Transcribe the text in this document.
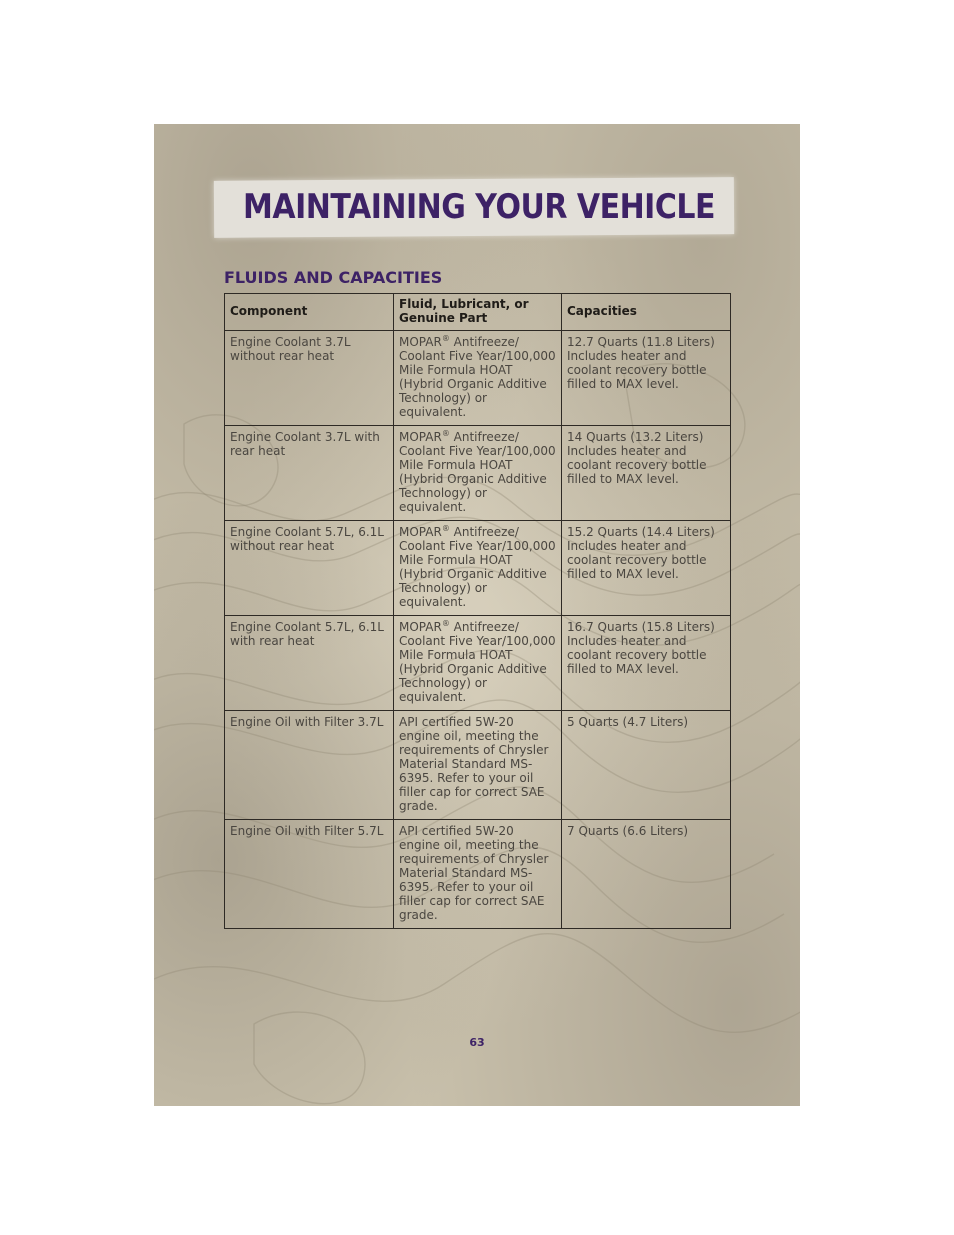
MAINTAINING YOUR VEHICLE
FLUIDS AND CAPACITIES
Component	Fluid, Lubricant, or Genuine Part	Capacities
Engine Coolant 3.7L without rear heat	MOPAR® Antifreeze/ Coolant Five Year/100,000 Mile Formula HOAT (Hybrid Organic Additive Technology) or equivalent.	12.7 Quarts (11.8 Liters) Includes heater and coolant recovery bottle filled to MAX level.
Engine Coolant 3.7L with rear heat	MOPAR® Antifreeze/ Coolant Five Year/100,000 Mile Formula HOAT (Hybrid Organic Additive Technology) or equivalent.	14 Quarts (13.2 Liters) Includes heater and coolant recovery bottle filled to MAX level.
Engine Coolant 5.7L, 6.1L without rear heat	MOPAR® Antifreeze/ Coolant Five Year/100,000 Mile Formula HOAT (Hybrid Organic Additive Technology) or equivalent.	15.2 Quarts (14.4 Liters) Includes heater and coolant recovery bottle filled to MAX level.
Engine Coolant 5.7L, 6.1L with rear heat	MOPAR® Antifreeze/ Coolant Five Year/100,000 Mile Formula HOAT (Hybrid Organic Additive Technology) or equivalent.	16.7 Quarts (15.8 Liters) Includes heater and coolant recovery bottle filled to MAX level.
Engine Oil with Filter 3.7L	API certified 5W-20 engine oil, meeting the requirements of Chrysler Material Standard MS-6395. Refer to your oil filler cap for correct SAE grade.	5 Quarts (4.7 Liters)
Engine Oil with Filter 5.7L	API certified 5W-20 engine oil, meeting the requirements of Chrysler Material Standard MS-6395. Refer to your oil filler cap for correct SAE grade.	7 Quarts (6.6 Liters)
63
